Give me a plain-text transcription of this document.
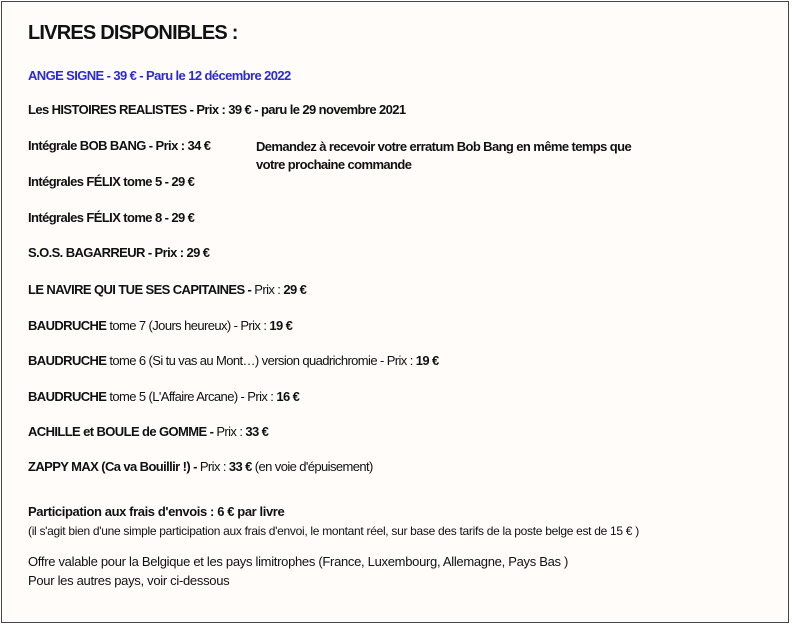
LIVRES DISPONIBLES :
ANGE SIGNE - 39 € - Paru le 12 décembre 2022
Les HISTOIRES REALISTES - Prix : 39 € - paru le 29 novembre 2021
Intégrale BOB BANG - Prix : 34 €	Demandez à recevoir votre erratum Bob Bang en même temps que
votre prochaine commande
Intégrales FÉLIX tome 5 - 29 €
Intégrales FÉLIX tome 8 - 29 €
S.O.S. BAGARREUR - Prix : 29 €
LE NAVIRE QUI TUE SES CAPITAINES - Prix : 29 €
BAUDRUCHE tome 7 (Jours heureux) - Prix : 19 €
BAUDRUCHE tome 6 (Si tu vas au Mont…) version quadrichromie - Prix : 19 €
BAUDRUCHE tome 5 (L'Affaire Arcane) - Prix : 16 €
ACHILLE et BOULE de GOMME - Prix : 33 €
ZAPPY MAX (Ca va Bouillir !) - Prix : 33 € (en voie d'épuisement)
Participation aux frais d'envois : 6 € par livre
(il s'agit bien d'une simple participation aux frais d'envoi, le montant réel, sur base des tarifs de la poste belge est de 15 € )
Offre valable pour la Belgique et les pays limitrophes (France, Luxembourg, Allemagne, Pays Bas )
Pour les autres pays, voir ci-dessous
